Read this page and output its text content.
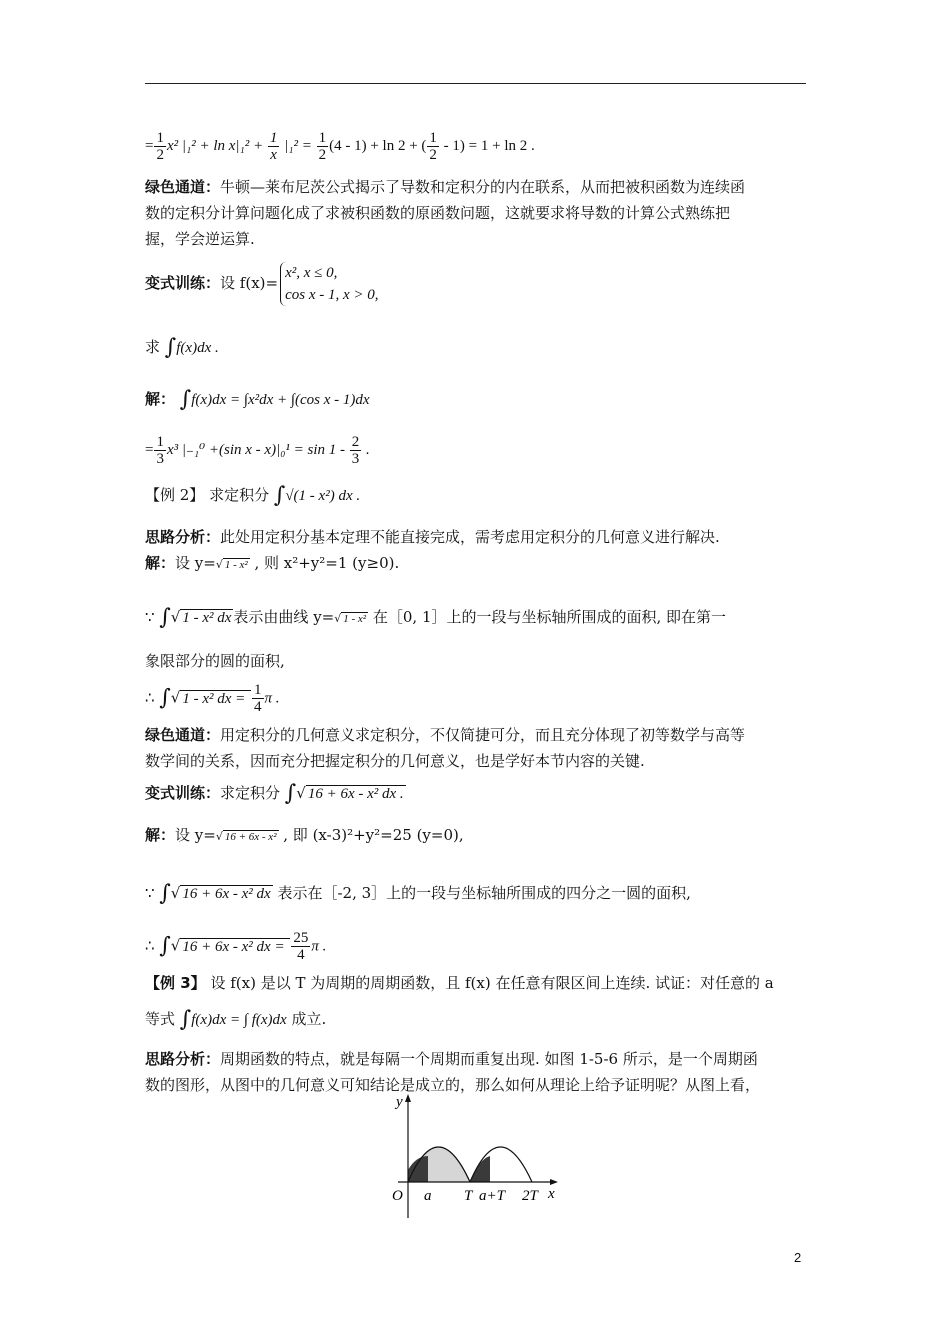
= $\frac{1}{2} x^2$ $|_1^2 + \ln x|_1^2 + \frac{1}{x} |_1^2 = \frac{1}{2} (4 - 1) + \ln 2$ + ( $\frac{1}{2} - 1) = 1 + \ln 2$ .
绿色通道：牛顿—莱布尼茨公式揭示了导数和定积分的内在联系，从而把被积函数为连续函
数的定积分计算问题化成了求被积函数的原函数问题，这就要求将导数的计算公式熟练把
握，学会逆运算.
变式训练：设 f(x)=
x², x ≤ 0,
cos x - 1, x > 0,
求 ∫f(x)dx .
解： ∫f(x)dx = ∫x²dx + ∫(cos x - 1)dx
= $\frac{1}{3} x^3$ |₋₁⁰ +(sin $x - x)|_0^1 = \sin 1 - \frac{2}{3}$ .
【例 2】 求定积分 ∫√(1 - x²) dx .
思路分析：此处用定积分基本定理不能直接完成，需考虑用定积分的几何意义进行解决.
解：设 y=√ 1 - x² , 则 x²+y²=1 (y≥0).
∵ ∫√ 1 - x² dx 表示由曲线 y=√ 1 - x² 在［0, 1］上的一段与坐标轴所围成的面积, 即在第一
象限部分的圆的面积,
∴ ∫√ 1 - x² dx = $\frac{1}{4}$ π .
绿色通道：用定积分的几何意义求定积分，不仅简捷可分，而且充分体现了初等数学与高等
数学间的关系，因而充分把握定积分的几何意义，也是学好本节内容的关键.
变式训练：求定积分 ∫√ 16 + 6x - x² dx .
解：设 y=√ 16 + 6x - x² , 即 (x-3)²+y²=25 (y=0),
∵ ∫√ 16 + 6x - x² dx 表示在［-2, 3］上的一段与坐标轴所围成的四分之一圆的面积,
∴ ∫√ 16 + 6x - x² dx = $\frac{25}{4}$ π .
【例 3】 设 f(x) 是以 T 为周期的周期函数，且 f(x) 在任意有限区间上连续. 试证：对任意的 a
等式 ∫f(x)dx = ∫ f(x)dx 成立.
思路分析：周期函数的特点，就是每隔一个周期而重复出现. 如图 1-5-6 所示，是一个周期函
数的图形，从图中的几何意义可知结论是成立的，那么如何从理论上给予证明呢？从图上看，
y
x
O a T a+T 2T
2
